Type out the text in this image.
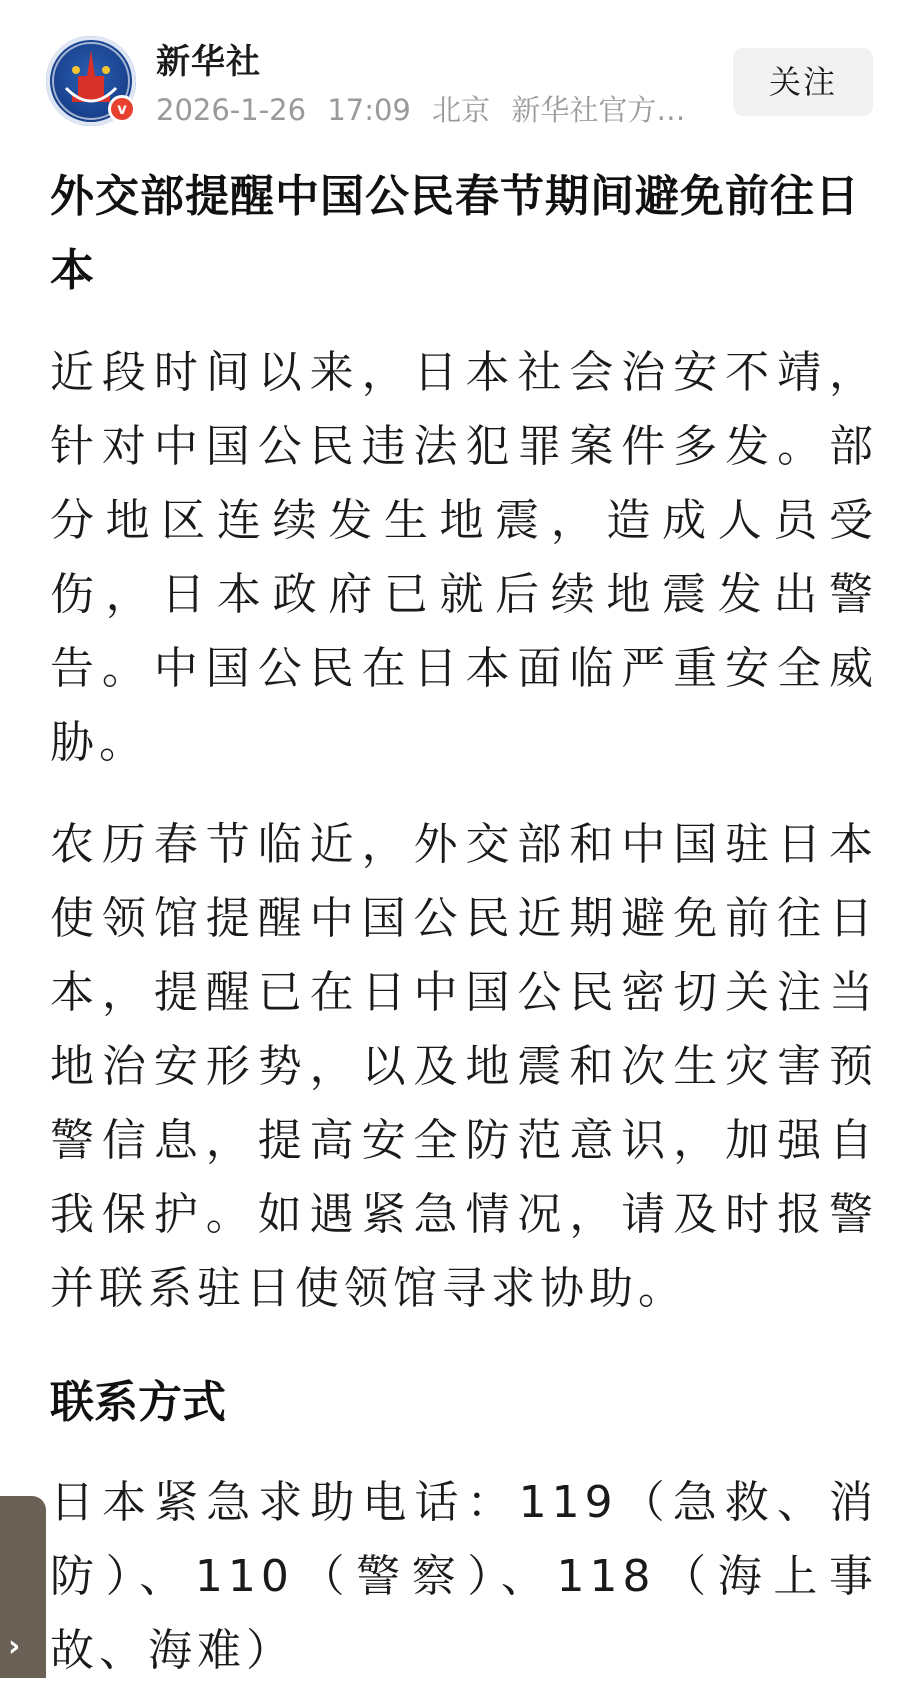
v
新华社
2026-1-26 17:09 北京 新华社官方…
关注
外交部提醒中国公民春节期间避免前往日本

近段时间以来，日本社会治安不靖，针对中国公民违法犯罪案件多发。部分地区连续发生地震，造成人员受伤，日本政府已就后续地震发出警告。中国公民在日本面临严重安全威胁。

农历春节临近，外交部和中国驻日本使领馆提醒中国公民近期避免前往日本，提醒已在日中国公民密切关注当地治安形势，以及地震和次生灾害预警信息，提高安全防范意识，加强自我保护。如遇紧急情况，请及时报警并联系驻日使领馆寻求协助。

联系方式

日本紧急求助电话：119（急救、消防）、110（警察）、118（海上事故、海难）

›
